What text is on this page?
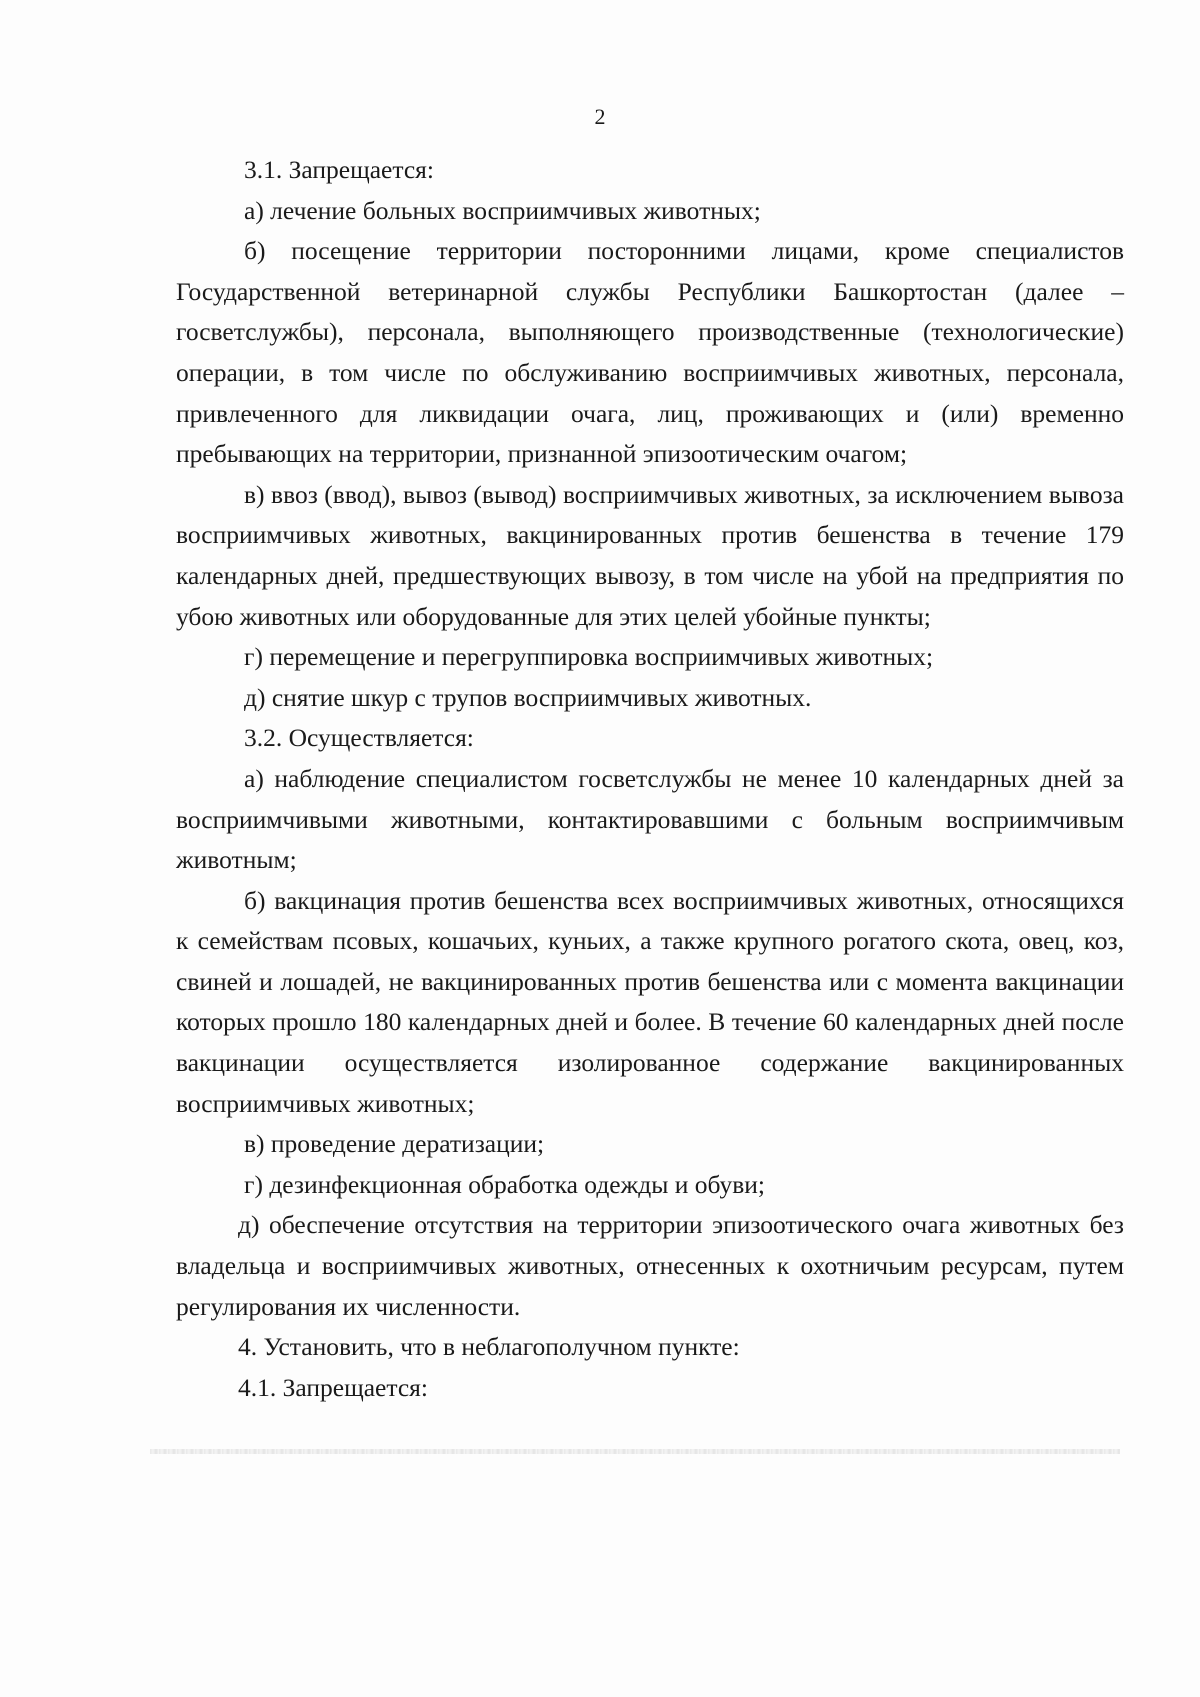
2

3.1. Запрещается:

а) лечение больных восприимчивых животных;

б) посещение территории посторонними лицами, кроме специалистов Государственной ветеринарной службы Республики Башкортостан (далее – госветслужбы), персонала, выполняющего производственные (технологические) операции, в том числе по обслуживанию восприимчивых животных, персонала, привлеченного для ликвидации очага, лиц, проживающих и (или) временно пребывающих на территории, признанной эпизоотическим очагом;

в) ввоз (ввод), вывоз (вывод) восприимчивых животных, за исключением вывоза восприимчивых животных, вакцинированных против бешенства в течение 179 календарных дней, предшествующих вывозу, в том числе на убой на предприятия по убою животных или оборудованные для этих целей убойные пункты;

г) перемещение и перегруппировка восприимчивых животных;

д) снятие шкур с трупов восприимчивых животных.

3.2. Осуществляется:

а) наблюдение специалистом госветслужбы не менее 10 календарных дней за восприимчивыми животными, контактировавшими с больным восприимчивым животным;

б) вакцинация против бешенства всех восприимчивых животных, относящихся к семействам псовых, кошачьих, куньих, а также крупного рогатого скота, овец, коз, свиней и лошадей, не вакцинированных против бешенства или с момента вакцинации которых прошло 180 календарных дней и более. В течение 60 календарных дней после вакцинации осуществляется изолированное содержание вакцинированных восприимчивых животных;

в) проведение дератизации;

г) дезинфекционная обработка одежды и обуви;

д) обеспечение отсутствия на территории эпизоотического очага животных без владельца и восприимчивых животных, отнесенных к охотничьим ресурсам, путем регулирования их численности.

4. Установить, что в неблагополучном пункте:

4.1. Запрещается:
